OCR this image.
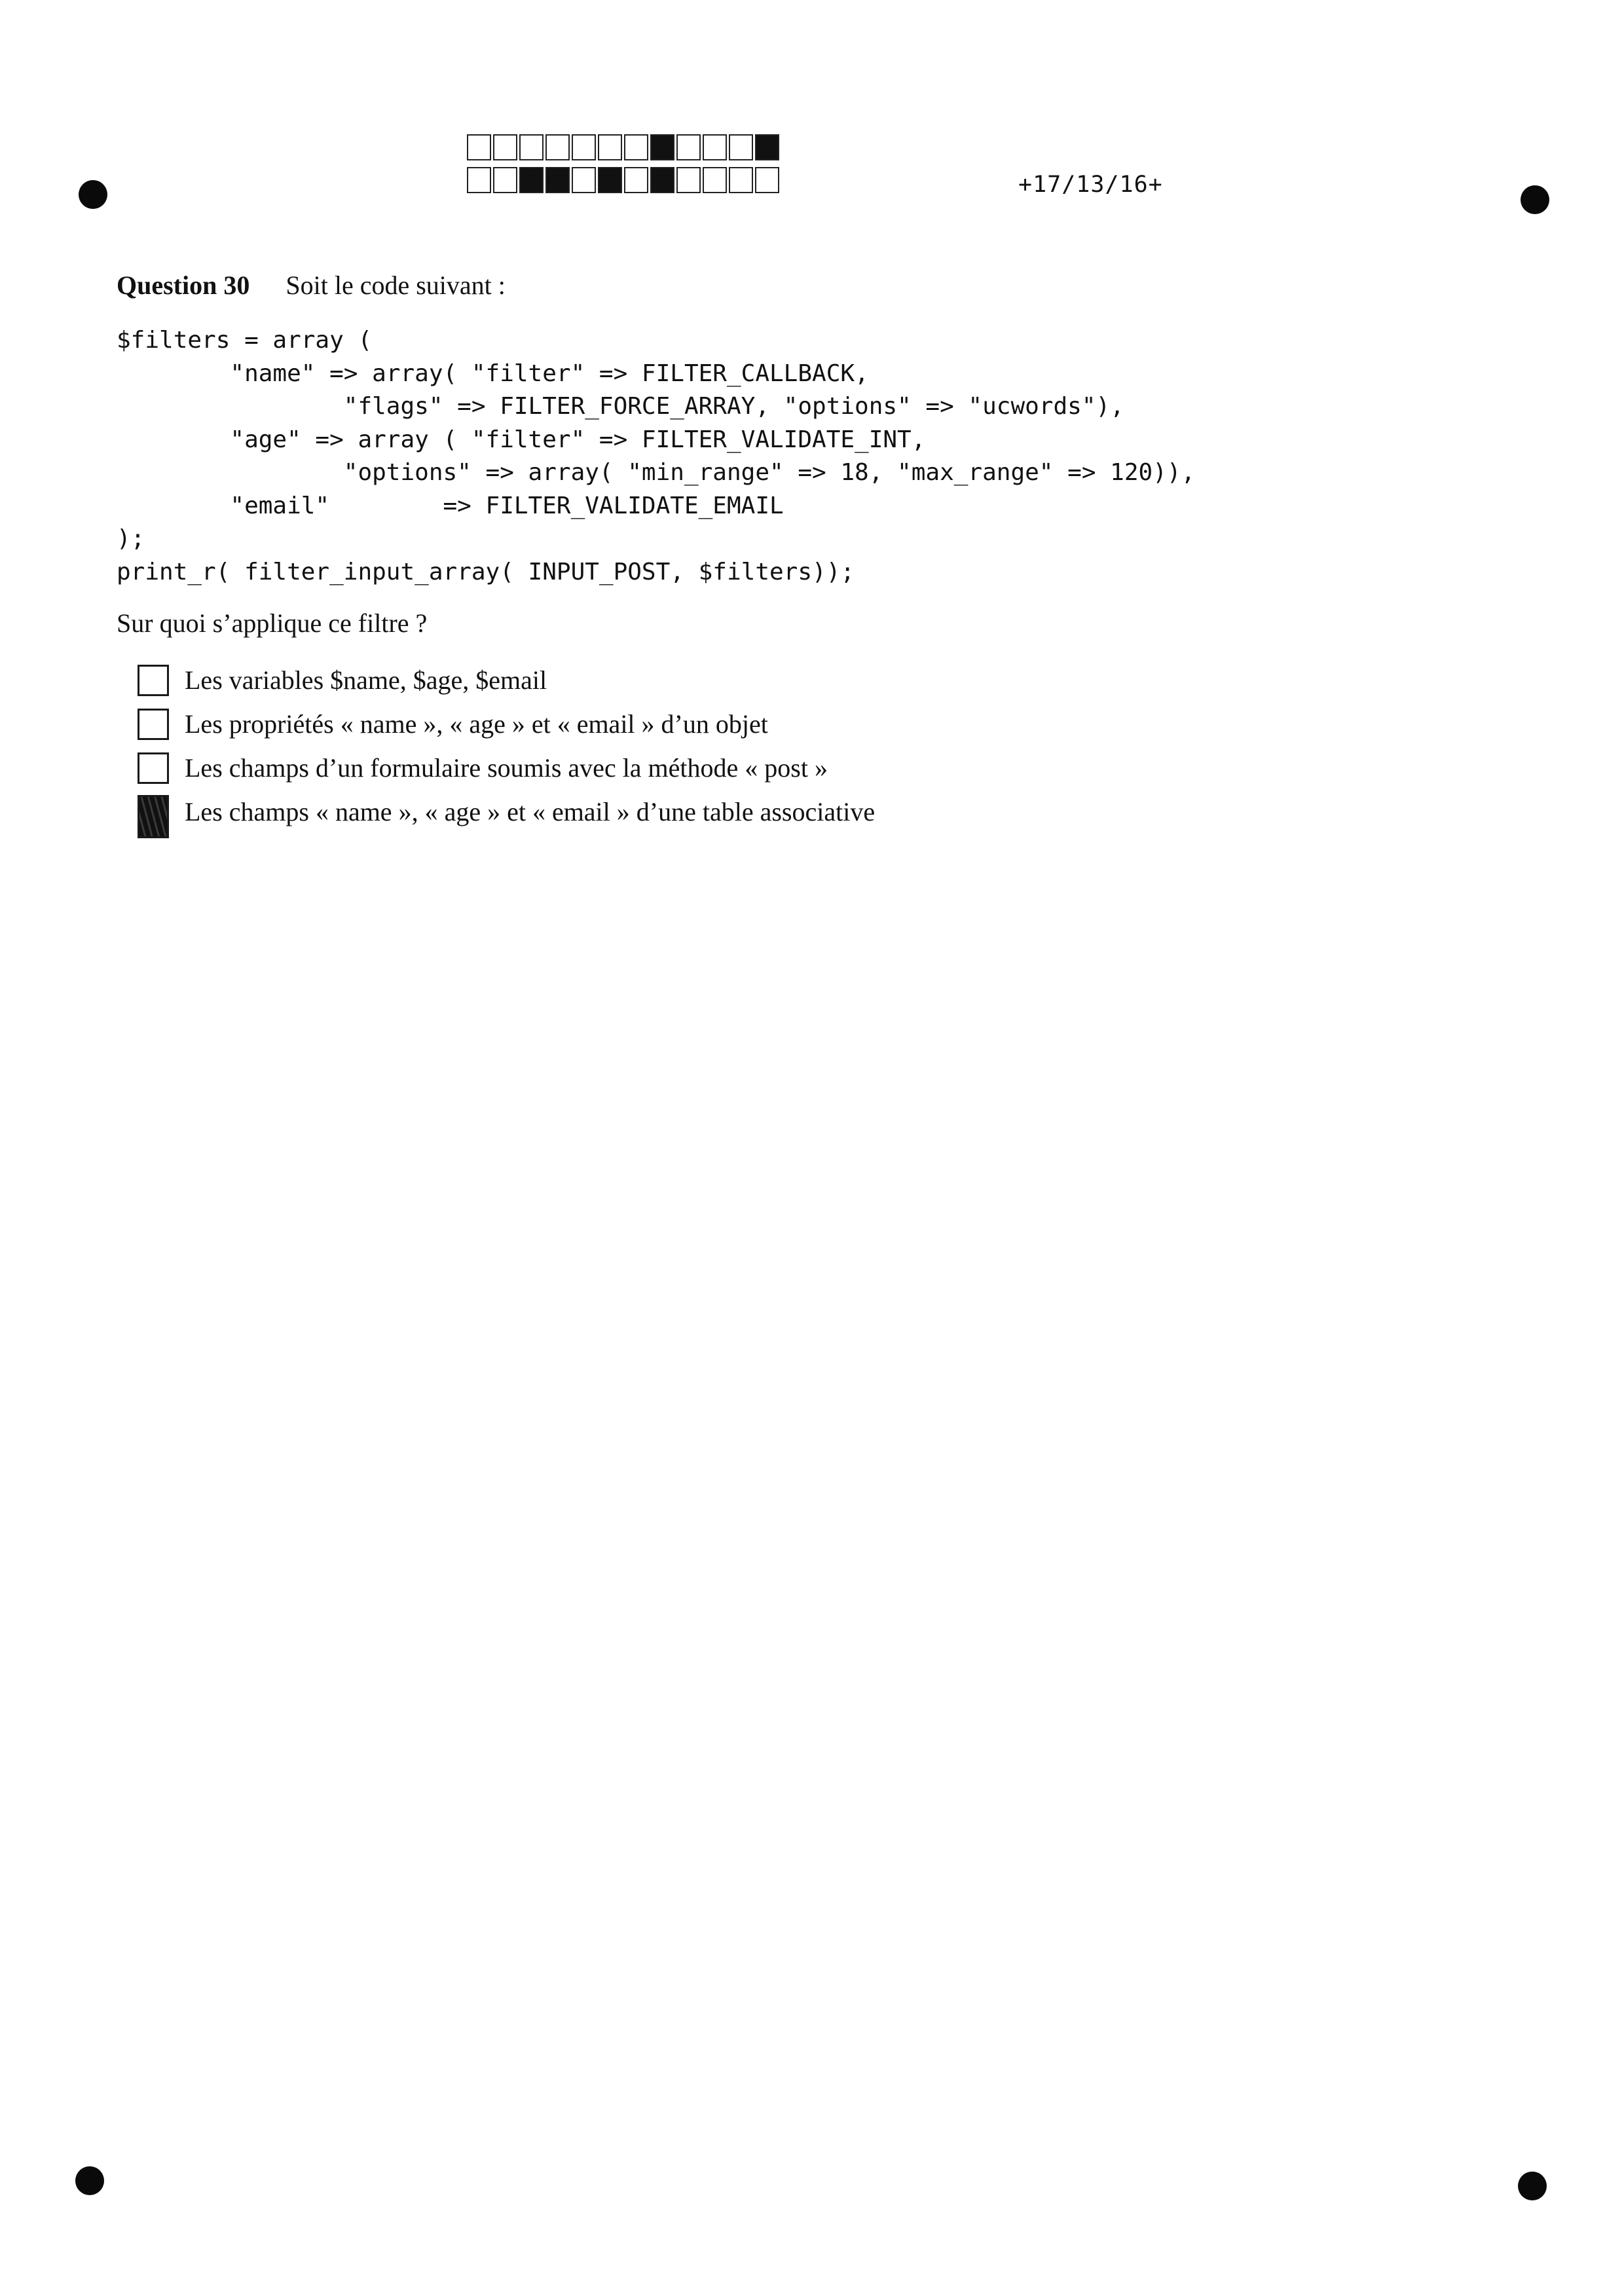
+17/13/16+
Question 30 Soit le code suivant :
$filters = array (
"name" => array( "filter" => FILTER_CALLBACK,
"flags" => FILTER_FORCE_ARRAY, "options" => "ucwords"),
"age" => array ( "filter" => FILTER_VALIDATE_INT,
"options" => array( "min_range" => 18, "max_range" => 120)),
"email"        => FILTER_VALIDATE_EMAIL
);
print_r( filter_input_array( INPUT_POST, $filters));
Sur quoi s’applique ce filtre ?
Les variables $name, $age, $email
Les propriétés « name », « age » et « email » d’un objet
Les champs d’un formulaire soumis avec la méthode « post »
Les champs « name », « age » et « email » d’une table associative
